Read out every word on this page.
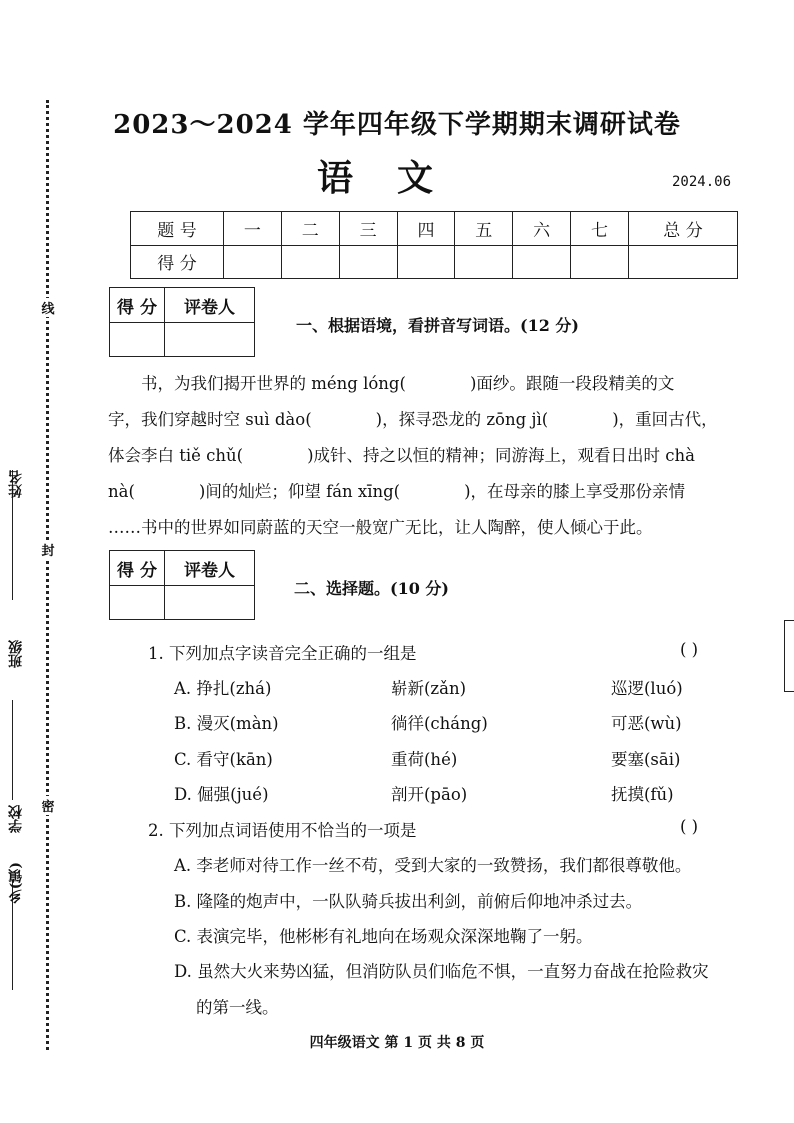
姓名
班级
学校
乡(镇)
线
封
密
2023～2024 学年四年级下学期期末调研试卷
语文	2024.06
题 号	一	二	三	四	五	六	七	总 分
得 分								
得 分	评卷人

一、根据语境，看拼音写词语。(12 分)

书，为我们揭开世界的 méng lóng(	)面纱。跟随一段段精美的文

字，我们穿越时空 suì dào(	)，探寻恐龙的 zōng jì(	)，重回古代，

体会李白 tiě chǔ(	)成针、持之以恒的精神；同游海上，观看日出时 chà

nà(	)间的灿烂；仰望 fán xīng(	)，在母亲的膝上享受那份亲情

……书中的世界如同蔚蓝的天空一般宽广无比，让人陶醉，使人倾心于此。

得 分	评卷人

二、选择题。(10 分)
1. 下列加点字读音完全正确的一组是	( )
A. 挣扎(zhá)	崭新(zǎn)	巡逻(luó)
B. 漫灭(màn)	徜徉(cháng)	可恶(wù)
C. 看守(kān)	重荷(hé)	要塞(sāi)
D. 倔强(jué)	剖开(pāo)	抚摸(fǔ)
2. 下列加点词语使用不恰当的一项是	( )
A. 李老师对待工作一丝不苟，受到大家的一致赞扬，我们都很尊敬他。
B. 隆隆的炮声中，一队队骑兵拔出利剑，前俯后仰地冲杀过去。
C. 表演完毕，他彬彬有礼地向在场观众深深地鞠了一躬。
D. 虽然大火来势凶猛，但消防队员们临危不惧，一直努力奋战在抢险救灾
的第一线。
四年级语文 第 1 页 共 8 页
